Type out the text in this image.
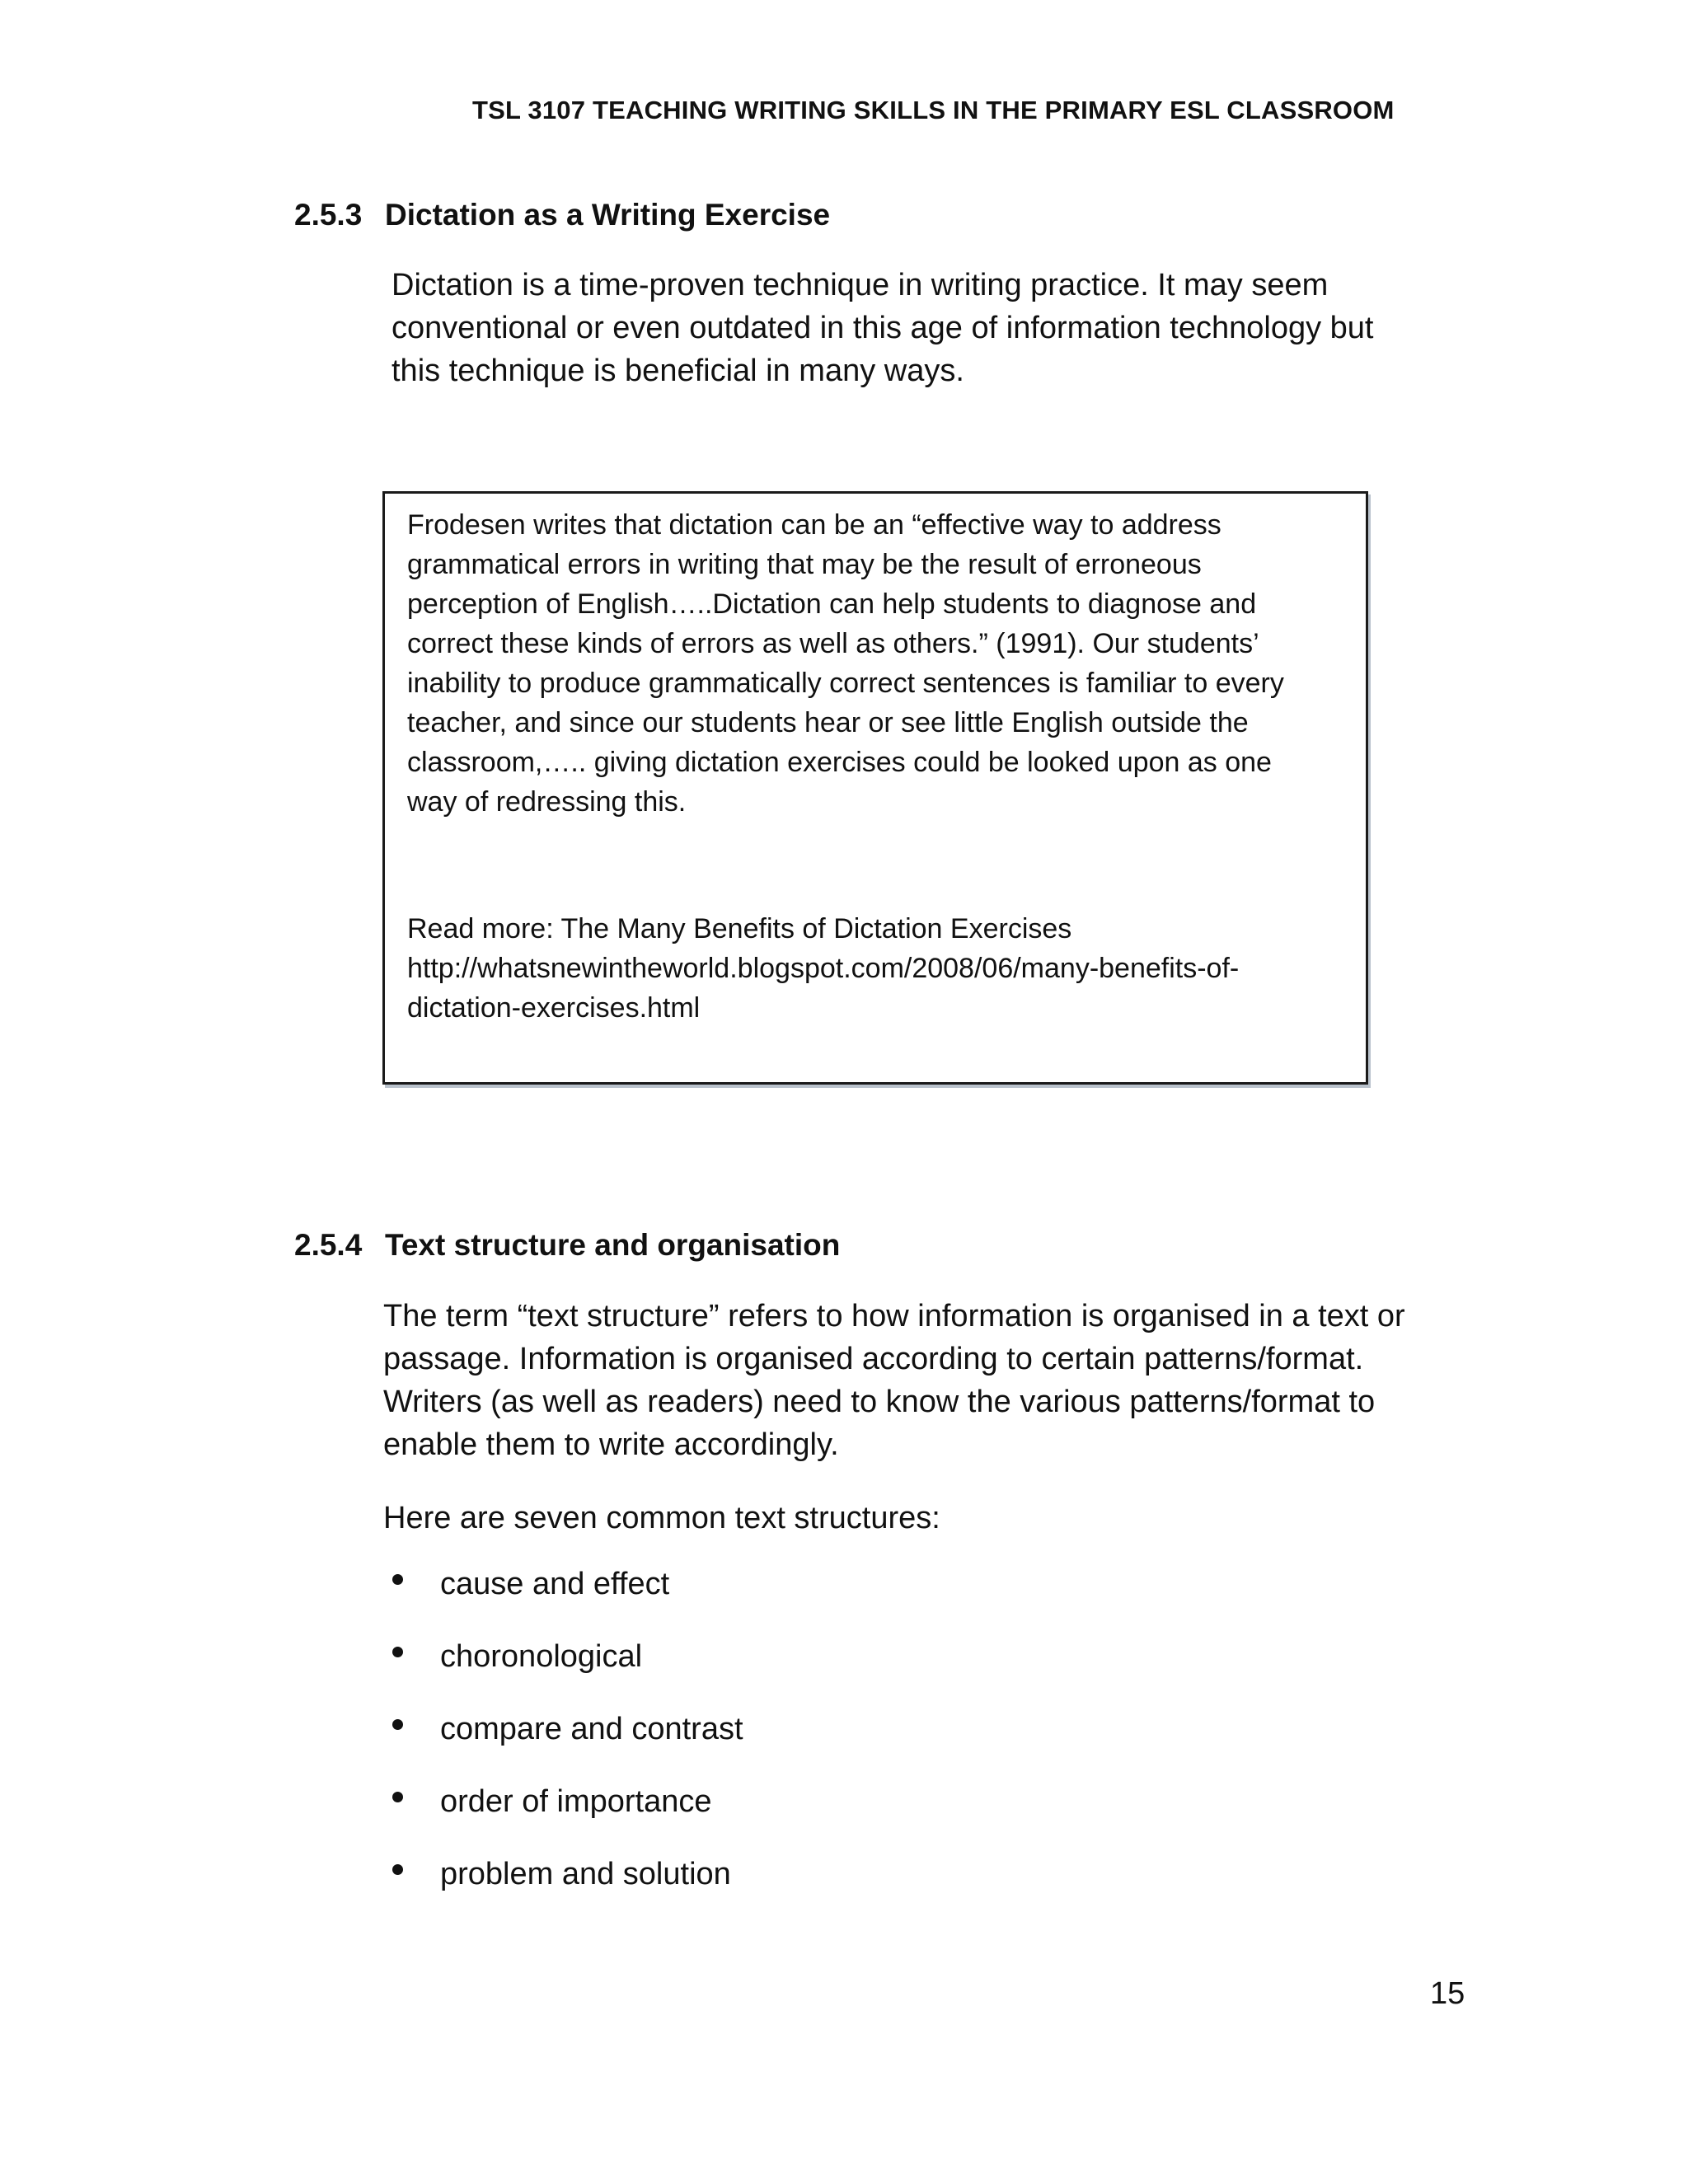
TSL 3107 TEACHING WRITING SKILLS IN THE PRIMARY ESL CLASSROOM
2.5.3 Dictation as a Writing Exercise

Dictation is a time-proven technique in writing practice. It may seem
conventional or even outdated in this age of information technology but
this technique is beneficial in many ways.

Frodesen writes that dictation can be an “effective way to address
grammatical errors in writing that may be the result of erroneous
perception of English…..Dictation can help students to diagnose and
correct these kinds of errors as well as others.” (1991). Our students’
inability to produce grammatically correct sentences is familiar to every
teacher, and since our students hear or see little English outside the
classroom,….. giving dictation exercises could be looked upon as one
way of redressing this.

Read more: The Many Benefits of Dictation Exercises
http://whatsnewintheworld.blogspot.com/2008/06/many-benefits-of-
dictation-exercises.html

2.5.4 Text structure and organisation

The term “text structure” refers to how information is organised in a text or
passage. Information is organised according to certain patterns/format.
Writers (as well as readers) need to know the various patterns/format to
enable them to write accordingly.

Here are seven common text structures:

cause and effect
choronological
compare and contrast
order of importance
problem and solution
15
